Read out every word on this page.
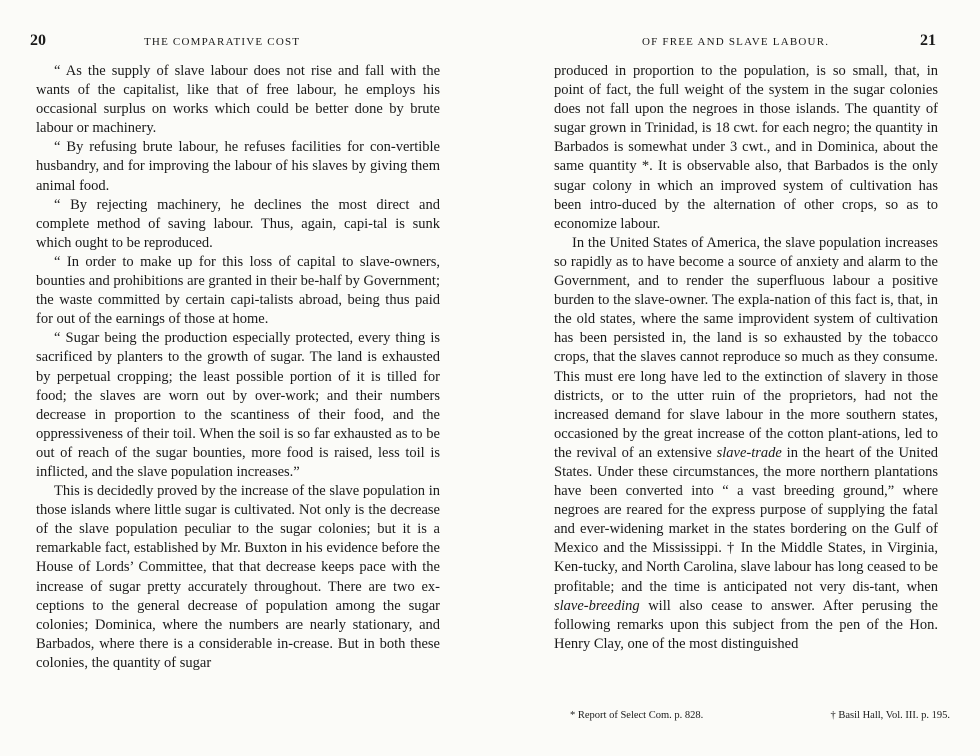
20	THE COMPARATIVE COST

“ As the supply of slave labour does not rise and fall with the wants of the capitalist, like that of free labour, he employs his occasional surplus on works which could be better done by brute labour or machinery.

“ By refusing brute labour, he refuses facilities for con-vertible husbandry, and for improving the labour of his slaves by giving them animal food.

“ By rejecting machinery, he declines the most direct and complete method of saving labour. Thus, again, capi-tal is sunk which ought to be reproduced.

“ In order to make up for this loss of capital to slave-owners, bounties and prohibitions are granted in their be-half by Government; the waste committed by certain capi-talists abroad, being thus paid for out of the earnings of those at home.

“ Sugar being the production especially protected, every thing is sacrificed by planters to the growth of sugar. The land is exhausted by perpetual cropping; the least possible portion of it is tilled for food; the slaves are worn out by over-work; and their numbers decrease in proportion to the scantiness of their food, and the oppressiveness of their toil. When the soil is so far exhausted as to be out of reach of the sugar bounties, more food is raised, less toil is inflicted, and the slave population increases.”

This is decidedly proved by the increase of the slave population in those islands where little sugar is cultivated. Not only is the decrease of the slave population peculiar to the sugar colonies; but it is a remarkable fact, established by Mr. Buxton in his evidence before the House of Lords’ Committee, that that decrease keeps pace with the increase of sugar pretty accurately throughout. There are two ex-ceptions to the general decrease of population among the sugar colonies; Dominica, where the numbers are nearly stationary, and Barbados, where there is a considerable in-crease. But in both these colonies, the quantity of sugar

OF FREE AND SLAVE LABOUR.	21

produced in proportion to the population, is so small, that, in point of fact, the full weight of the system in the sugar colonies does not fall upon the negroes in those islands. The quantity of sugar grown in Trinidad, is 18 cwt. for each negro; the quantity in Barbados is somewhat under 3 cwt., and in Dominica, about the same quantity *. It is observable also, that Barbados is the only sugar colony in which an improved system of cultivation has been intro-duced by the alternation of other crops, so as to economize labour.

In the United States of America, the slave population increases so rapidly as to have become a source of anxiety and alarm to the Government, and to render the superfluous labour a positive burden to the slave-owner. The expla-nation of this fact is, that, in the old states, where the same improvident system of cultivation has been persisted in, the land is so exhausted by the tobacco crops, that the slaves cannot reproduce so much as they consume. This must ere long have led to the extinction of slavery in those districts, or to the utter ruin of the proprietors, had not the increased demand for slave labour in the more southern states, occasioned by the great increase of the cotton plant-ations, led to the revival of an extensive slave-trade in the heart of the United States. Under these circumstances, the more northern plantations have been converted into “ a vast breeding ground,” where negroes are reared for the express purpose of supplying the fatal and ever-widening market in the states bordering on the Gulf of Mexico and the Mississippi. † In the Middle States, in Virginia, Ken-tucky, and North Carolina, slave labour has long ceased to be profitable; and the time is anticipated not very dis-tant, when slave-breeding will also cease to answer. After perusing the following remarks upon this subject from the pen of the Hon. Henry Clay, one of the most distinguished

* Report of Select Com. p. 828.	† Basil Hall, Vol. III. p. 195.
